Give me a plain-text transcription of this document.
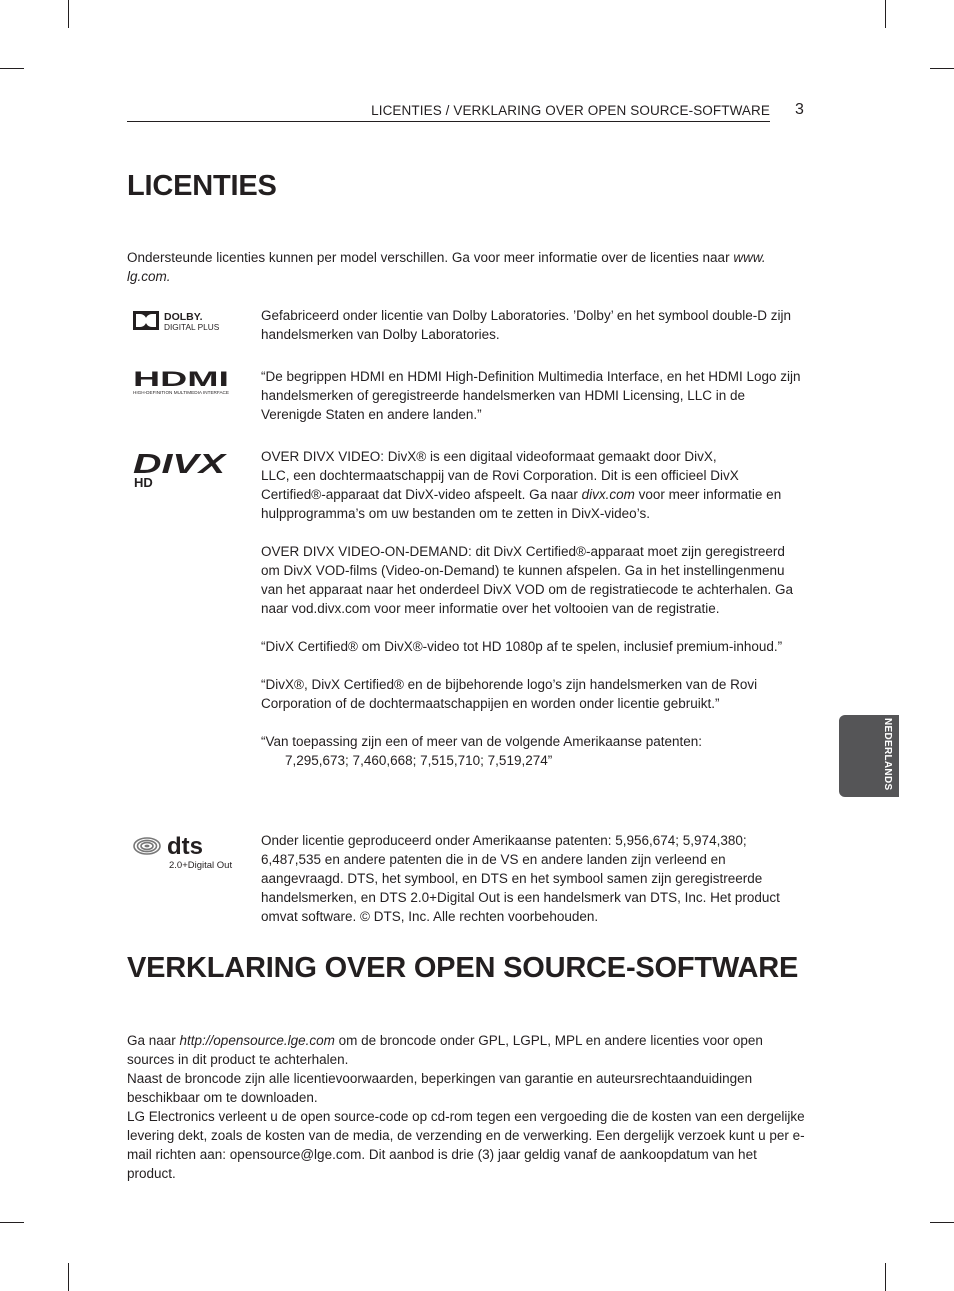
LICENTIES / VERKLARING OVER OPEN SOURCE-SOFTWARE 3
NEDERLANDS
LICENTIES
Ondersteunde licenties kunnen per model verschillen. Ga voor meer informatie over de licenties naar www.
lg.com.
DOLBY.
DIGITAL PLUS
Gefabriceerd onder licentie van Dolby Laboratories. ’Dolby’ en het symbool double-D zijn handelsmerken van Dolby Laboratories.
HDMI
HIGH-DEFINITION MULTIMEDIA INTERFACE
“De begrippen HDMI en HDMI High-Definition Multimedia Interface, en het HDMI Logo zijn handelsmerken of geregistreerde handelsmerken van HDMI Licensing, LLC in de Verenigde Staten en andere landen.”
DIVX
HD

OVER DIVX VIDEO: DivX® is een digitaal videoformaat gemaakt door DivX,
LLC, een dochtermaatschappij van de Rovi Corporation. Dit is een officieel DivX Certified®-apparaat dat DivX-video afspeelt. Ga naar divx.com voor meer informatie en hulpprogramma’s om uw bestanden om te zetten in DivX-video’s.

OVER DIVX VIDEO-ON-DEMAND: dit DivX Certified®-apparaat moet zijn geregistreerd om DivX VOD-films (Video-on-Demand) te kunnen afspelen. Ga in het instellingenmenu van het apparaat naar het onderdeel DivX VOD om de registratiecode te achterhalen. Ga naar vod.divx.com voor meer informatie over het voltooien van de registratie.

“DivX Certified® om DivX®-video tot HD 1080p af te spelen, inclusief premium-inhoud.”

“DivX®, DivX Certified® en de bijbehorende logo’s zijn handelsmerken van de Rovi Corporation of de dochtermaatschappijen en worden onder licentie gebruikt.”

“Van toepassing zijn een of meer van de volgende Amerikaanse patenten:
7,295,673; 7,460,668; 7,515,710; 7,519,274”

dts
2.0+Digital Out
Onder licentie geproduceerd onder Amerikaanse patenten: 5,956,674; 5,974,380; 6,487,535 en andere patenten die in de VS en andere landen zijn verleend en aangevraagd. DTS, het symbool, en DTS en het symbool samen zijn geregistreerde handelsmerken, en DTS 2.0+Digital Out is een handelsmerk van DTS, Inc. Het product omvat software. © DTS, Inc. Alle rechten voorbehouden.
VERKLARING OVER OPEN SOURCE-SOFTWARE

Ga naar http://opensource.lge.com om de broncode onder GPL, LGPL, MPL en andere licenties voor open sources in dit product te achterhalen.

Naast de broncode zijn alle licentievoorwaarden, beperkingen van garantie en auteursrechtaanduidingen beschikbaar om te downloaden.

LG Electronics verleent u de open source-code op cd-rom tegen een vergoeding die de kosten van een dergelijke levering dekt, zoals de kosten van de media, de verzending en de verwerking. Een dergelijk verzoek kunt u per e-mail richten aan: opensource@lge.com. Dit aanbod is drie (3) jaar geldig vanaf de aankoopdatum van het product.
